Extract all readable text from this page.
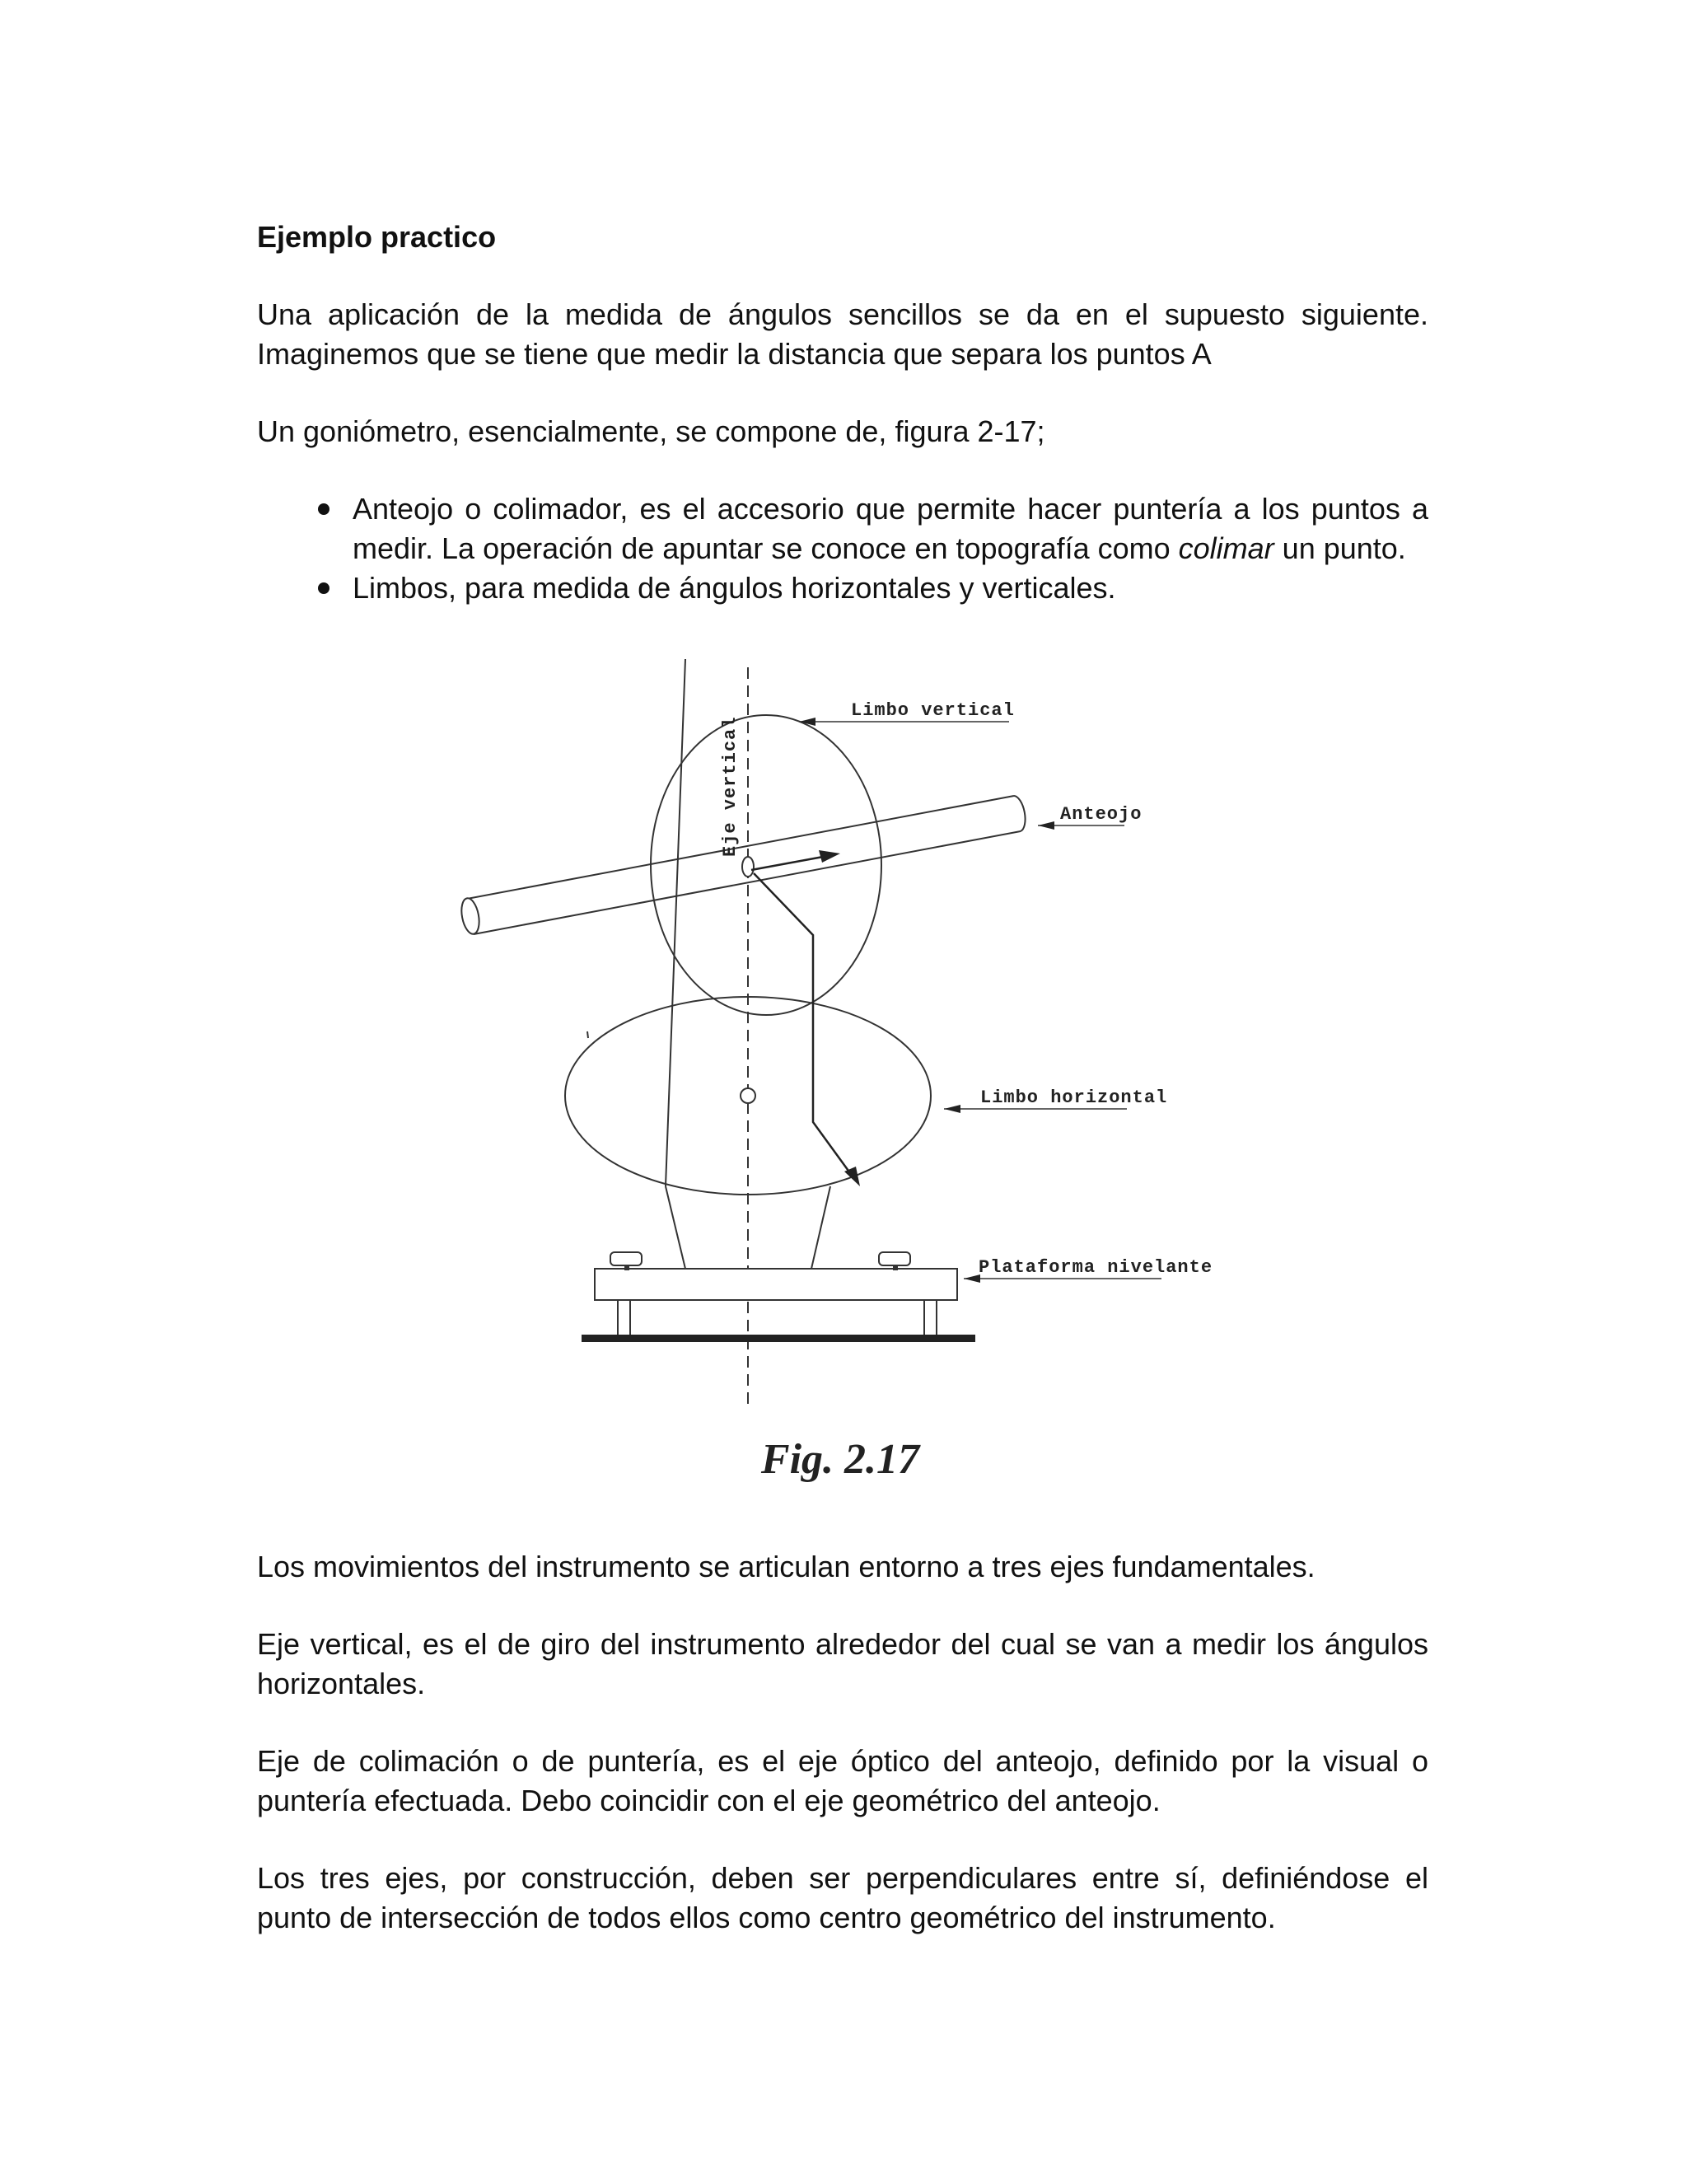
Ejemplo practico

Una aplicación de la medida de ángulos sencillos se da en el supuesto siguiente. Imaginemos que se tiene que medir la distancia que separa los puntos A

Un goniómetro, esencialmente, se compone de, figura 2-17;

Anteojo o colimador, es el accesorio que permite hacer puntería a los puntos a medir. La operación de apuntar se conoce en topografía como colimar un punto.

Limbos, para medida de ángulos horizontales y verticales.

Limbo vertical
Anteojo
Eje vertical
Limbo horizontal
Plataforma nivelante
Fig. 2.17

Los movimientos del instrumento se articulan entorno a tres ejes fundamentales.

Eje vertical, es el de giro del instrumento alrededor del cual se van a medir los ángulos horizontales.

Eje de colimación o de puntería, es el eje óptico del anteojo, definido por la visual o puntería efectuada. Debo coincidir con el eje geométrico del anteojo.

Los tres ejes, por construcción, deben ser perpendiculares entre sí, definiéndose el punto de intersección de todos ellos como centro geométrico del instrumento.
